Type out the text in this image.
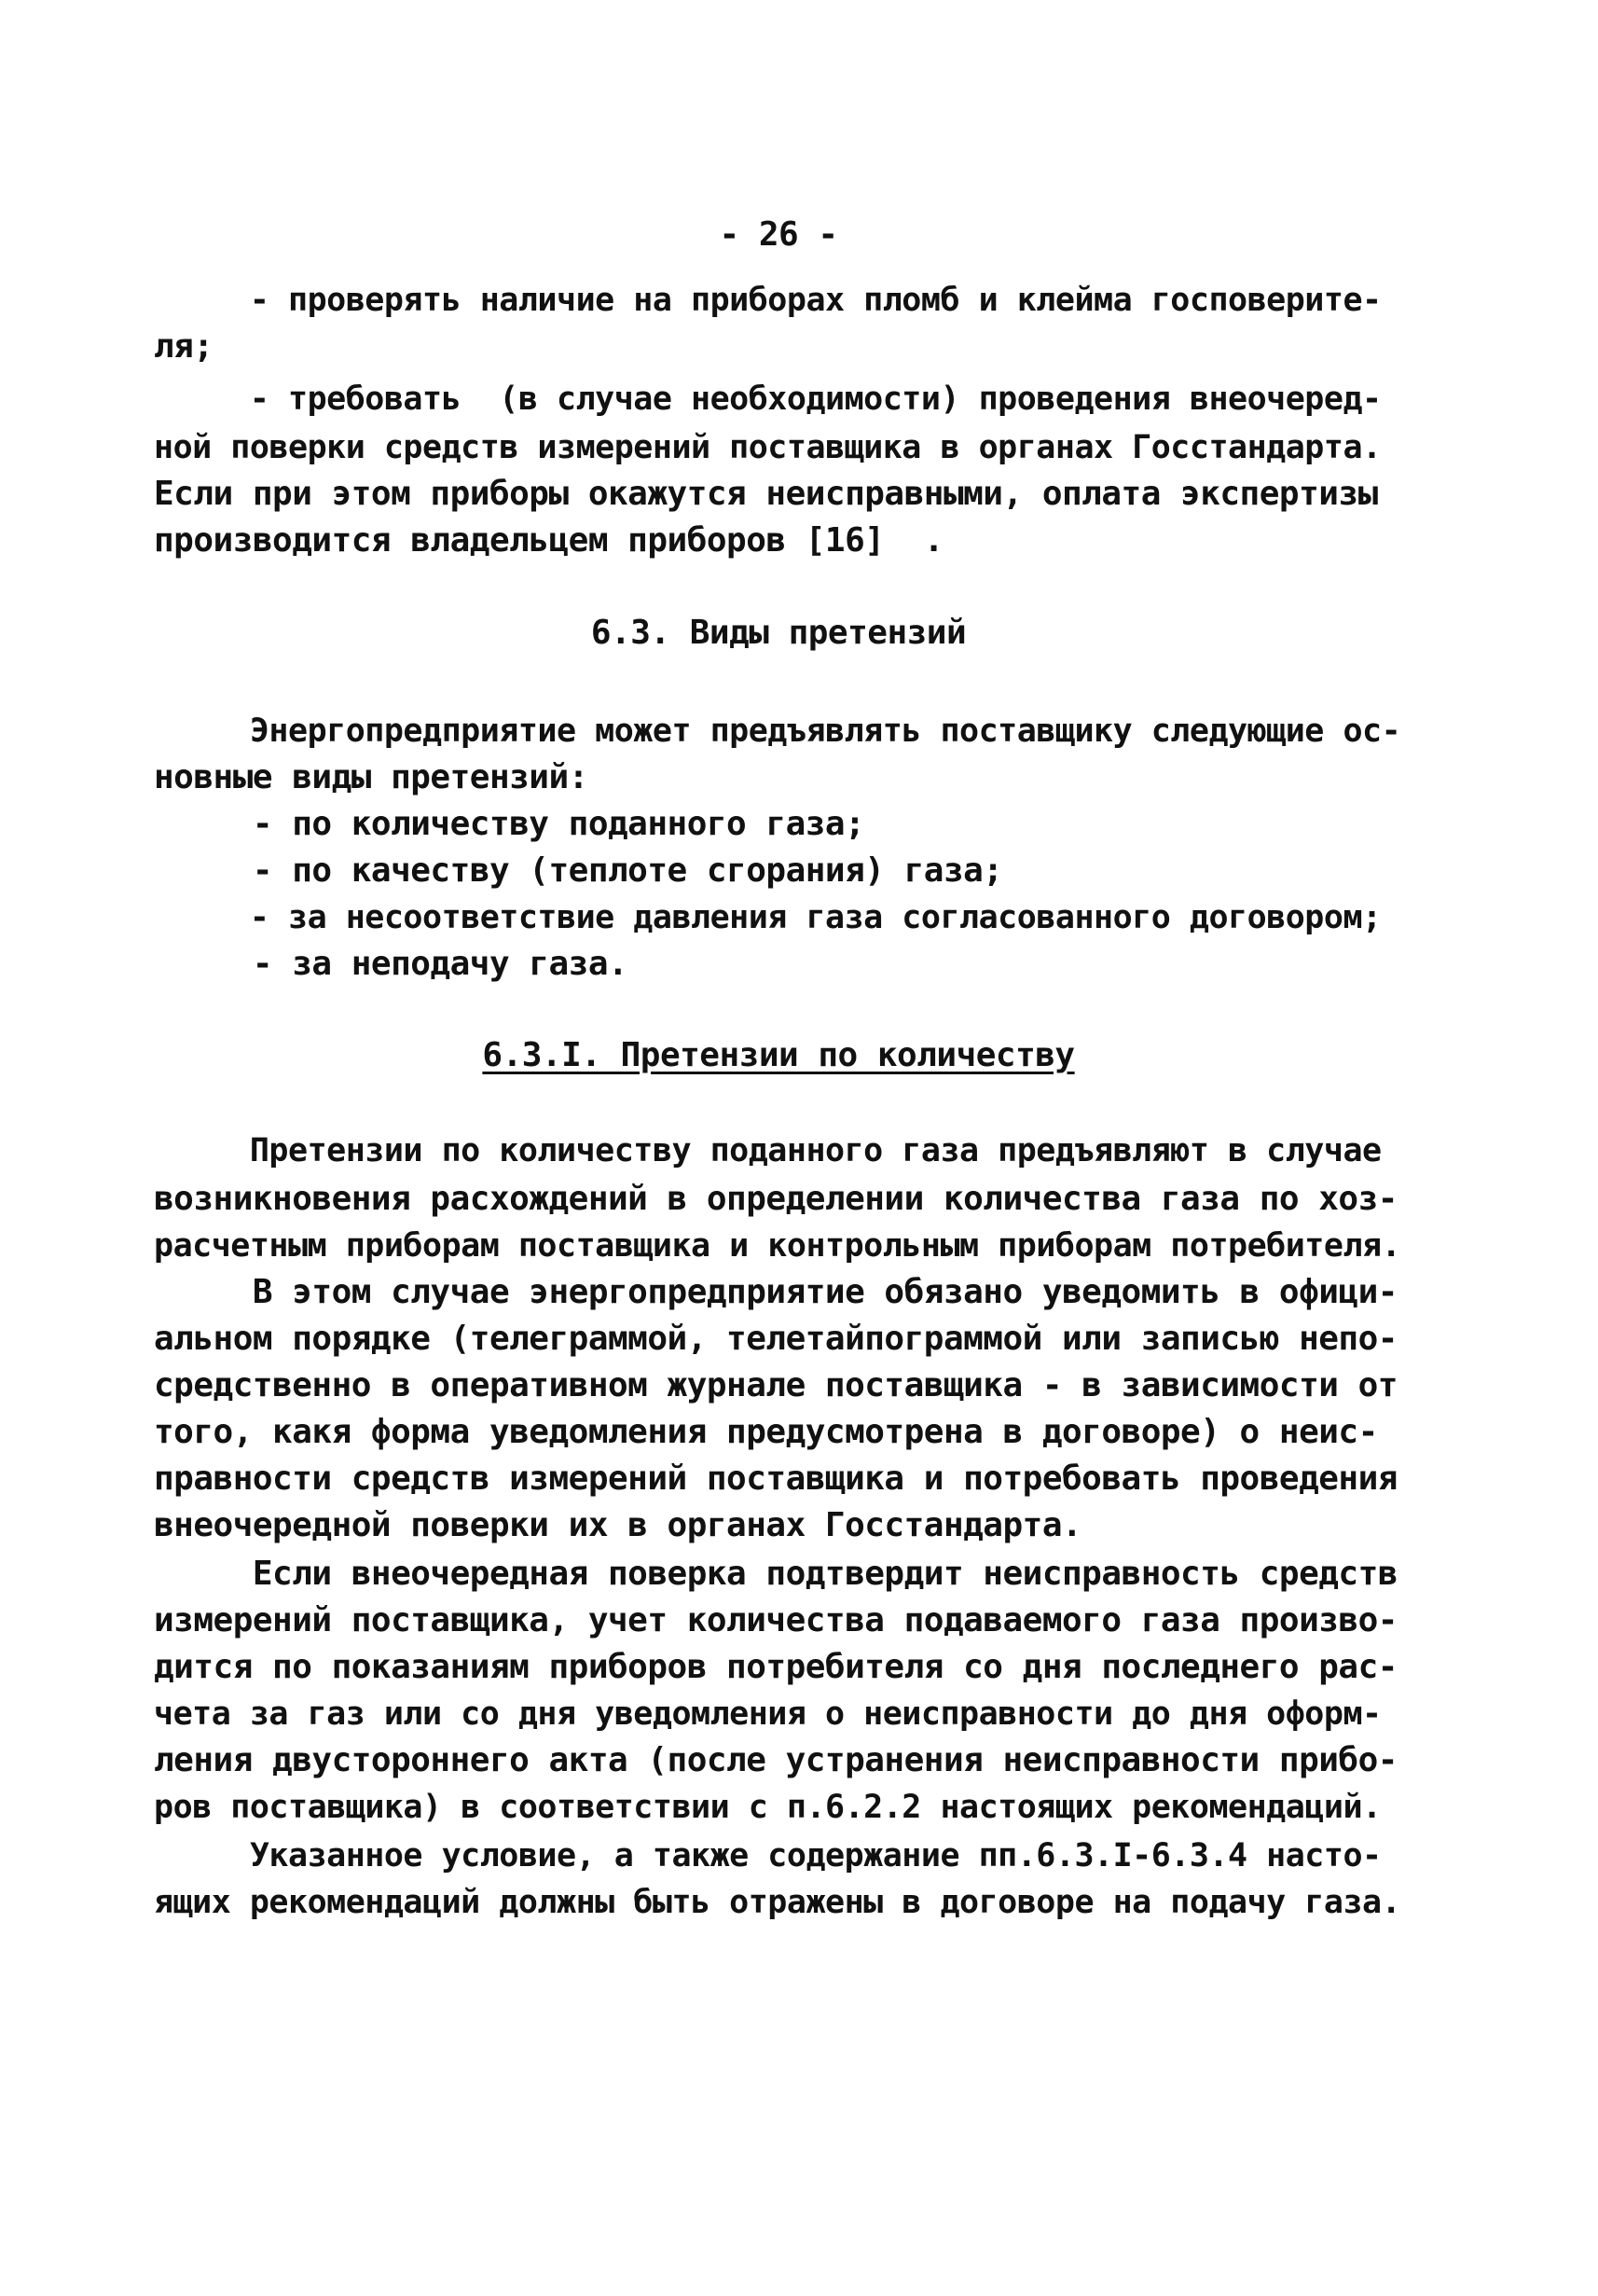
- 26 -
- проверять наличие на приборах пломб и клейма госповерите-
ля;
- требовать  (в случае необходимости) проведения внеочеред-
ной поверки средств измерений поставщика в органах Госстандарта.
Если при этом приборы окажутся неисправными, оплата экспертизы
производится владельцем приборов [16]  .
6.3. Виды претензий
Энергопредприятие может предъявлять поставщику следующие ос-
новные виды претензий:
- по количеству поданного газа;
- по качеству (теплоте сгорания) газа;
- за несоответствие давления газа согласованного договором;
- за неподачу газа.
6.3.I. Претензии по количеству
Претензии по количеству поданного газа предъявляют в случае
возникновения расхождений в определении количества газа по хоз-
расчетным приборам поставщика и контрольным приборам потребителя.
В этом случае энергопредприятие обязано уведомить в офици-
альном порядке (телеграммой, телетайпограммой или записью непо-
средственно в оперативном журнале поставщика - в зависимости от
того, какя форма уведомления предусмотрена в договоре) о неис-
правности средств измерений поставщика и потребовать проведения
внеочередной поверки их в органах Госстандарта.
Если внеочередная поверка подтвердит неисправность средств
измерений поставщика, учет количества подаваемого газа произво-
дится по показаниям приборов потребителя со дня последнего рас-
чета за газ или со дня уведомления о неисправности до дня оформ-
ления двустороннего акта (после устранения неисправности прибо-
ров поставщика) в соответствии с п.6.2.2 настоящих рекомендаций.
Указанное условие, а также содержание пп.6.3.I-6.3.4 насто-
ящих рекомендаций должны быть отражены в договоре на подачу газа.
